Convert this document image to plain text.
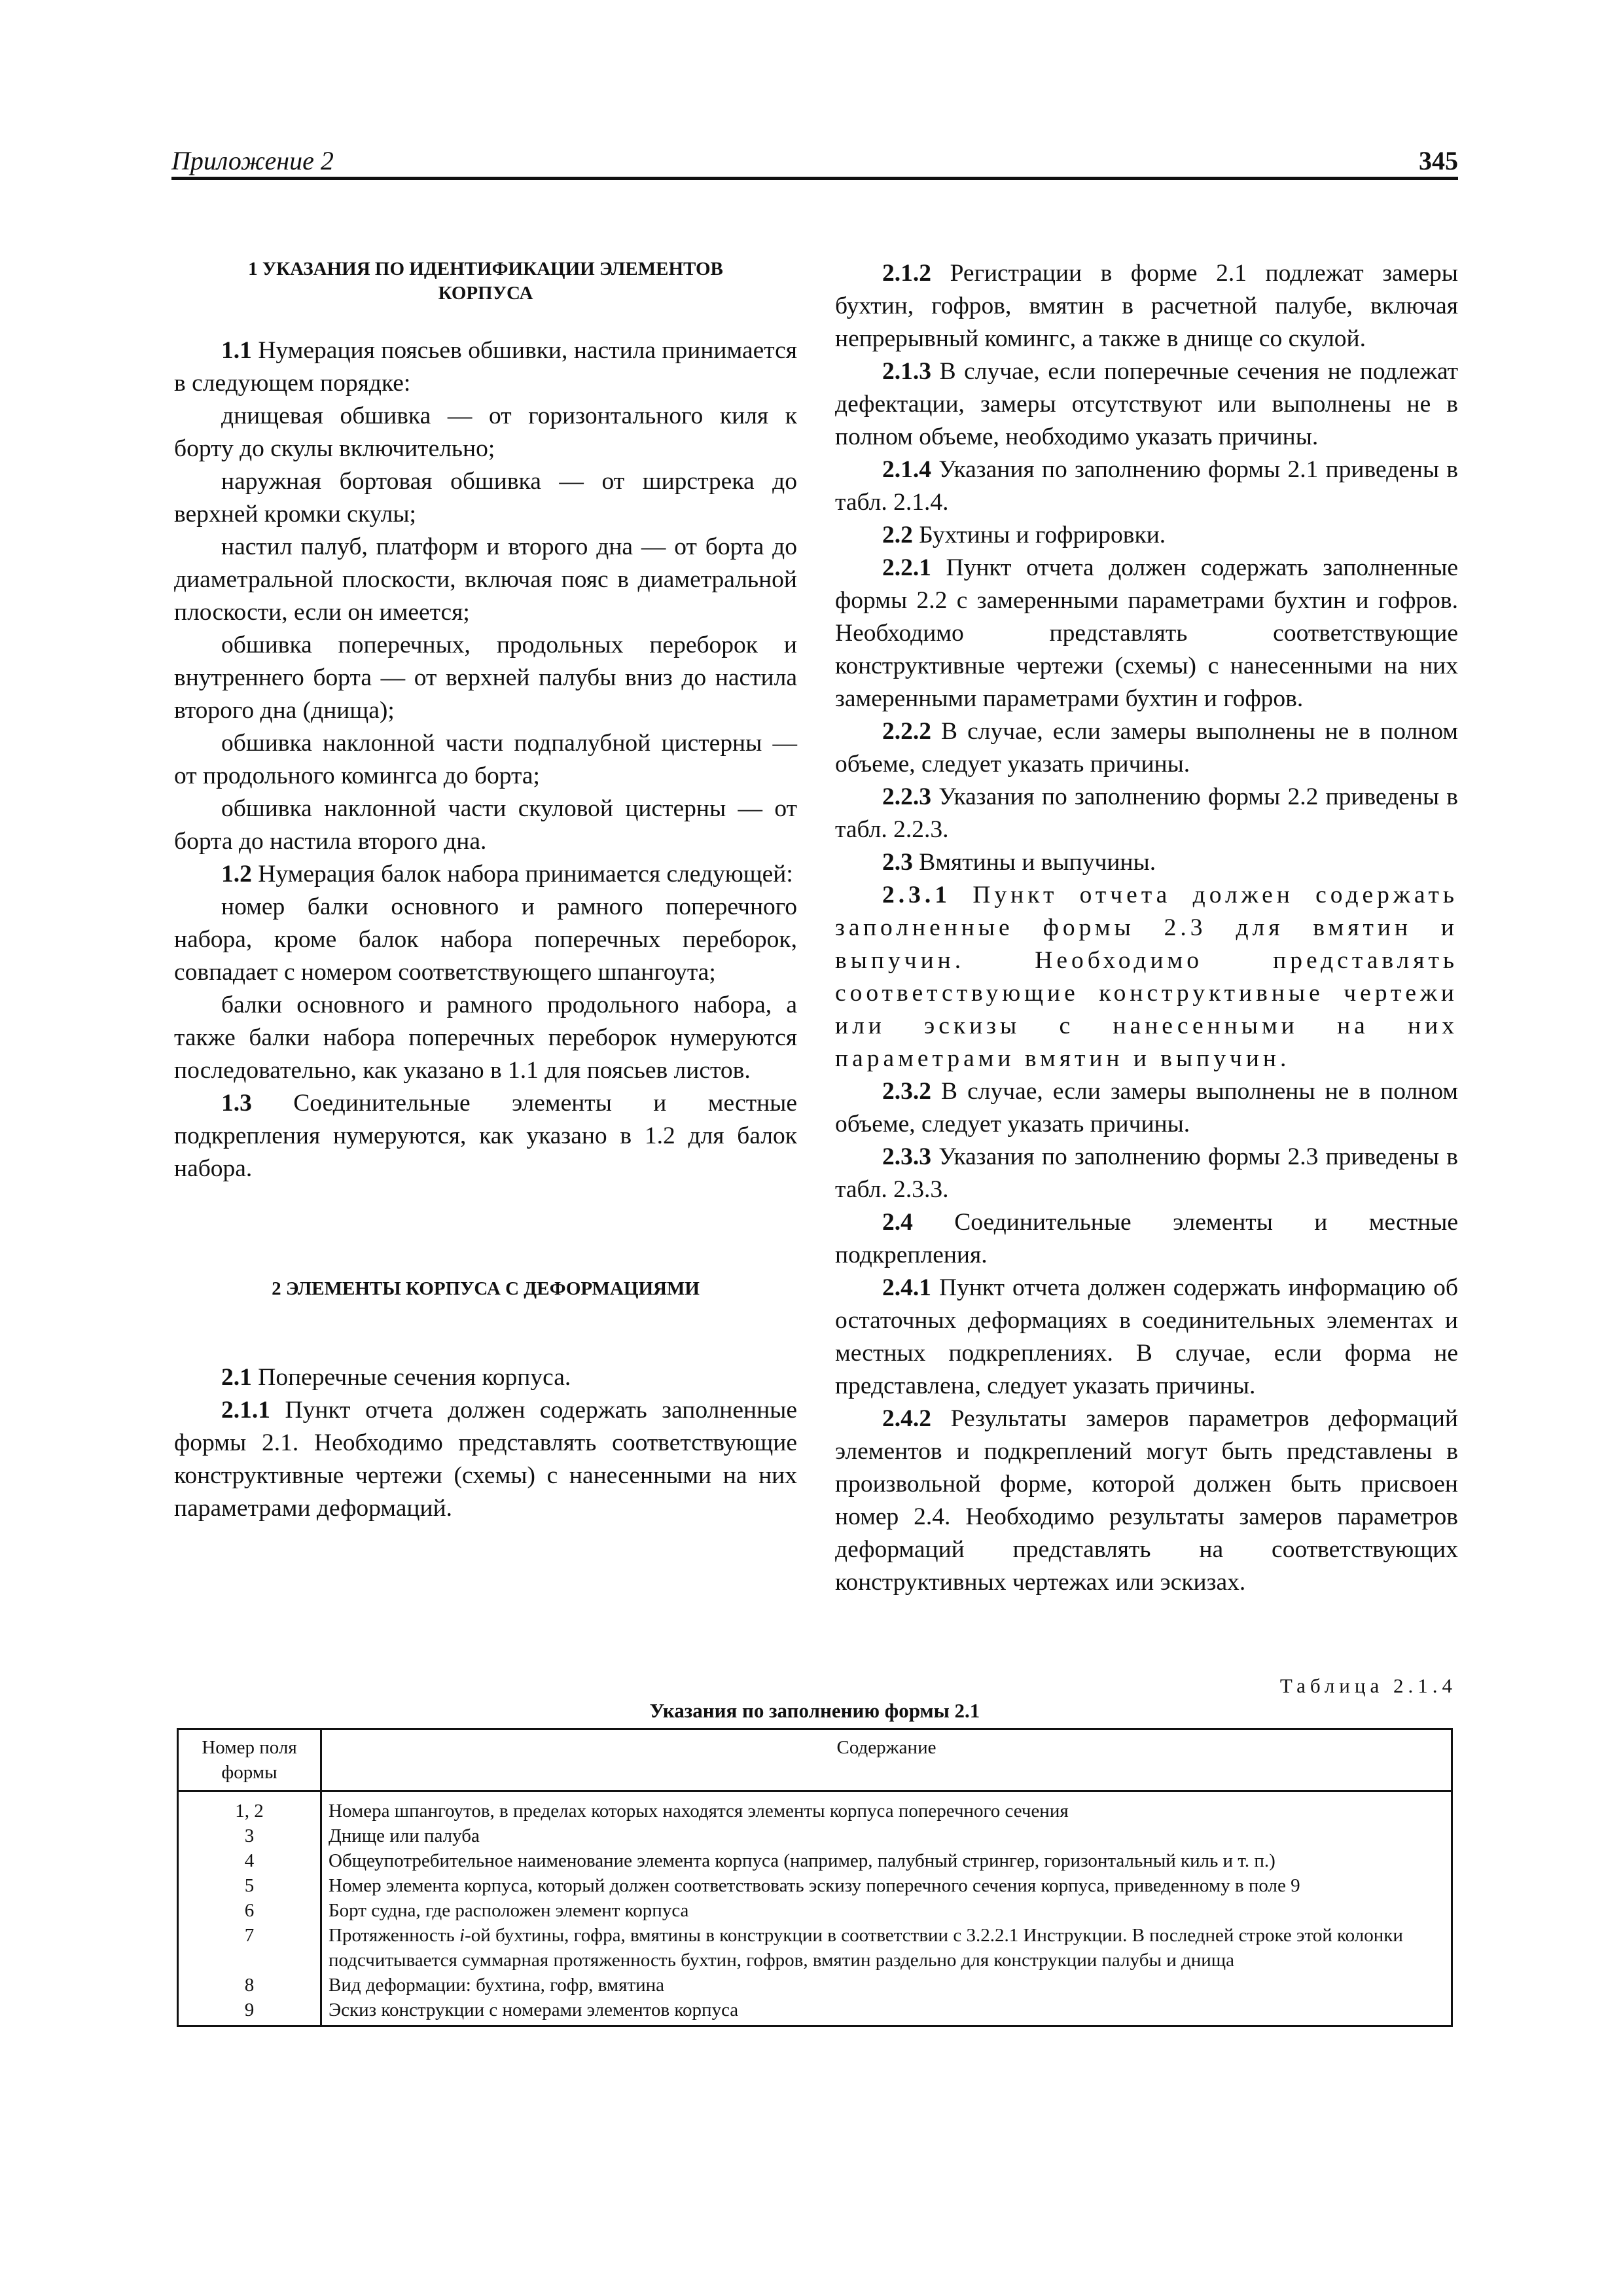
Приложение 2	345
1 УКАЗАНИЯ ПО ИДЕНТИФИКАЦИИ ЭЛЕМЕНТОВ
КОРПУСА

1.1 Нумерация поясьев обшивки, настила принимается в следующем порядке:

днищевая обшивка — от горизонтального киля к борту до скулы включительно;

наружная бортовая обшивка — от ширстрека до верхней кромки скулы;

настил палуб, платформ и второго дна — от борта до диаметральной плоскости, включая пояс в диаметральной плоскости, если он имеется;

обшивка поперечных, продольных переборок и внутреннего борта — от верхней палубы вниз до настила второго дна (днища);

обшивка наклонной части подпалубной цистерны — от продольного комингса до борта;

обшивка наклонной части скуловой цистерны — от борта до настила второго дна.

1.2 Нумерация балок набора принимается следующей:

номер балки основного и рамного поперечного набора, кроме балок набора поперечных переборок, совпадает с номером соответствующего шпангоута;

балки основного и рамного продольного набора, а также балки набора поперечных переборок нумеруются последовательно, как указано в 1.1 для поясьев листов.

1.3 Соединительные элементы и местные подкрепления нумеруются, как указано в 1.2 для балок набора.

2 ЭЛЕМЕНТЫ КОРПУСА С ДЕФОРМАЦИЯМИ

2.1 Поперечные сечения корпуса.

2.1.1 Пункт отчета должен содержать заполненные формы 2.1. Необходимо представлять соответствующие конструктивные чертежи (схемы) с нанесенными на них параметрами деформаций.

2.1.2 Регистрации в форме 2.1 подлежат замеры бухтин, гофров, вмятин в расчетной палубе, включая непрерывный комингс, а также в днище со скулой.

2.1.3 В случае, если поперечные сечения не подлежат дефектации, замеры отсутствуют или выполнены не в полном объеме, необходимо указать причины.

2.1.4 Указания по заполнению формы 2.1 приведены в табл. 2.1.4.

2.2 Бухтины и гофрировки.

2.2.1 Пункт отчета должен содержать заполненные формы 2.2 с замеренными параметрами бухтин и гофров. Необходимо представлять соответствующие конструктивные чертежи (схемы) с нанесенными на них замеренными параметрами бухтин и гофров.

2.2.2 В случае, если замеры выполнены не в полном объеме, следует указать причины.

2.2.3 Указания по заполнению формы 2.2 приведены в табл. 2.2.3.

2.3 Вмятины и выпучины.

2.3.1 Пункт отчета должен содержать заполненные формы 2.3 для вмятин и выпучин. Необходимо представлять соответствующие конструктивные чертежи или эскизы с нанесенными на них параметрами вмятин и выпучин.

2.3.2 В случае, если замеры выполнены не в полном объеме, следует указать причины.

2.3.3 Указания по заполнению формы 2.3 приведены в табл. 2.3.3.

2.4 Соединительные элементы и местные подкрепления.

2.4.1 Пункт отчета должен содержать информацию об остаточных деформациях в соединительных элементах и местных подкреплениях. В случае, если форма не представлена, следует указать причины.

2.4.2 Результаты замеров параметров деформаций элементов и подкреплений могут быть представлены в произвольной форме, которой должен быть присвоен номер 2.4. Необходимо результаты замеров параметров деформаций представлять на соответствующих конструктивных чертежах или эскизах.

Таблица 2.1.4
Указания по заполнению формы 2.1
Номер поля формы	Содержание
1, 2	Номера шпангоутов, в пределах которых находятся элементы корпуса поперечного сечения
3	Днище или палуба
4	Общеупотребительное наименование элемента корпуса (например, палубный стрингер, горизонтальный киль и т. п.)
5	Номер элемента корпуса, который должен соответствовать эскизу поперечного сечения корпуса, приведенному в поле 9
6	Борт судна, где расположен элемент корпуса
7	Протяженность i-ой бухтины, гофра, вмятины в конструкции в соответствии с 3.2.2.1 Инструкции. В последней строке этой колонки подсчитывается суммарная протяженность бухтин, гофров, вмятин раздельно для конструкции палубы и днища
8	Вид деформации: бухтина, гофр, вмятина
9	Эскиз конструкции с номерами элементов корпуса
